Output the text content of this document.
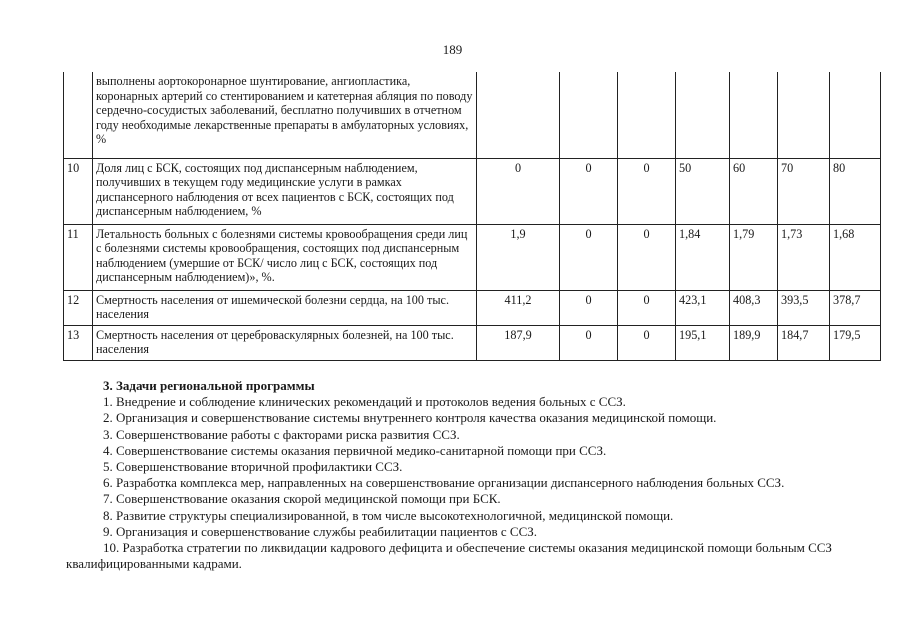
189
	выполнены аортокоронарное шунтирование, ангиопластика, коронарных артерий со стентированием и катетерная абляция по поводу сердечно-сосудистых заболеваний, бесплатно получивших в отчетном году необходимые лекарственные препараты в амбулаторных условиях, %							
10	Доля лиц с БСК, состоящих под диспансерным наблюдением, получивших в текущем году медицинские услуги в рамках диспансерного наблюдения от всех пациентов с БСК, состоящих под диспансерным наблюдением, %	0	0	0	50	60	70	80
11	Летальность больных с болезнями системы кровообращения среди лиц с болезнями системы кровообращения, состоящих под диспансерным наблюдением (умершие от БСК/ число лиц с БСК, состоящих под диспансерным наблюдением)», %.	1,9	0	0	1,84	1,79	1,73	1,68
12	Смертность населения от ишемической болезни сердца, на 100 тыс. населения	411,2	0	0	423,1	408,3	393,5	378,7
13	Смертность населения от цереброваскулярных болезней, на 100 тыс. населения	187,9	0	0	195,1	189,9	184,7	179,5
3. Задачи региональной программы
1. Внедрение и соблюдение клинических рекомендаций и протоколов ведения больных с ССЗ.
2. Организация и совершенствование системы внутреннего контроля качества оказания медицинской помощи.
3. Совершенствование работы с факторами риска развития ССЗ.
4. Совершенствование системы оказания первичной медико-санитарной помощи при ССЗ.
5. Совершенствование вторичной профилактики ССЗ.
6. Разработка комплекса мер, направленных на совершенствование организации диспансерного наблюдения больных ССЗ.
7. Совершенствование оказания скорой медицинской помощи при БСК.
8. Развитие структуры специализированной, в том числе высокотехнологичной, медицинской помощи.
9. Организация и совершенствование службы реабилитации пациентов с ССЗ.
10. Разработка стратегии по ликвидации кадрового дефицита и обеспечение системы оказания медицинской помощи больным ССЗ квалифицированными кадрами.
